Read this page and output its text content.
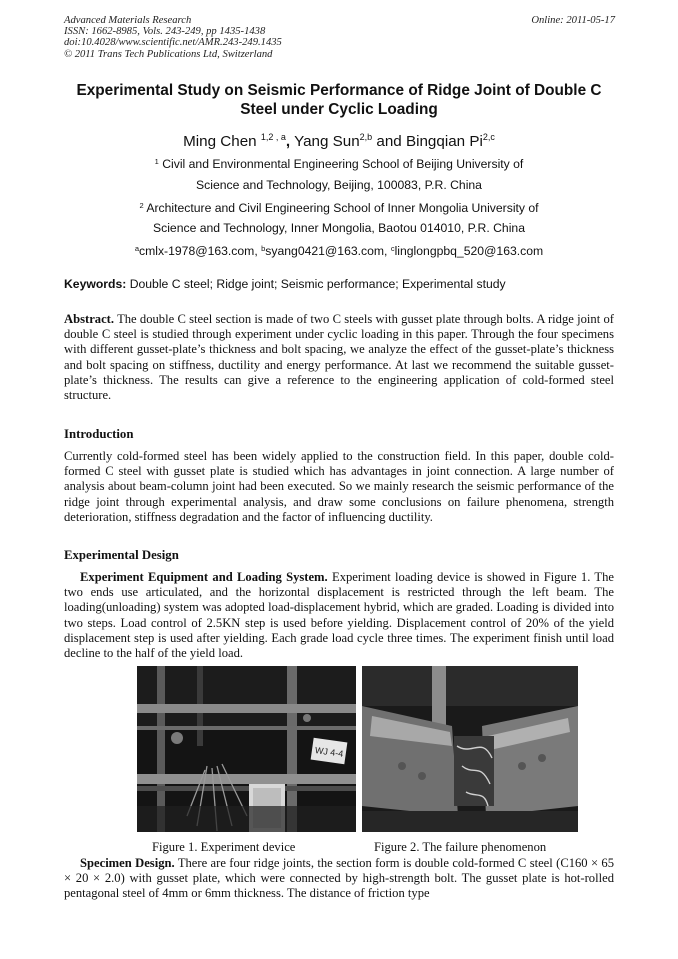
Advanced Materials Research
ISSN: 1662-8985, Vols. 243-249, pp 1435-1438
doi:10.4028/www.scientific.net/AMR.243-249.1435
© 2011 Trans Tech Publications Ltd, Switzerland
Online: 2011-05-17
Experimental Study on Seismic Performance of Ridge Joint of Double C
Steel under Cyclic Loading
Ming Chen $^{1,2 , a}$, Yang Sun$^{2,b}$ and Bingqian Pi$^{2,c}$
$^1$ Civil and Environmental Engineering School of Beijing University of
Science and Technology, Beijing, 100083, P.R. China
$^2$ Architecture and Civil Engineering School of Inner Mongolia University of
Science and Technology, Inner Mongolia, Baotou 014010, P.R. China
$^a$cmlx-1978@163.com, $^b$syang0421@163.com, $^c$linglongpbq_520@163.com
Keywords: Double C steel; Ridge joint; Seismic performance; Experimental study
Abstract. The double C steel section is made of two C steels with gusset plate through bolts. A ridge joint of double C steel is studied through experiment under cyclic loading in this paper. Through the four specimens with different gusset-plate’s thickness and bolt spacing, we analyze the effect of the gusset-plate’s thickness and bolt spacing on stiffness, ductility and energy performance. At last we recommend the suitable gusset-plate’s thickness. The results can give a reference to the engineering application of cold-formed steel structure.
Introduction
Currently cold-formed steel has been widely applied to the construction field. In this paper, double cold-formed C steel with gusset plate is studied which has advantages in joint connection. A large number of analysis about beam-column joint had been executed. So we mainly research the seismic performance of the ridge joint through experimental analysis, and draw some conclusions on failure phenomena, strength deterioration, stiffness degradation and the factor of influencing ductility.
Experimental Design
Experiment Equipment and Loading System. Experiment loading device is showed in Figure 1. The two ends use articulated, and the horizontal displacement is restricted through the left beam. The loading(unloading) system was adopted load-displacement hybrid, which are graded. Loading is divided into two steps. Load control of 2.5KN step is used before yielding. Displacement control of 20% of the yield displacement step is used after yielding. Each grade load cycle three times. The experiment finish until load decline to the half of the yield load.
WJ 4-4
Figure 1. Experiment device	Figure 2. The failure phenomenon
Specimen Design. There are four ridge joints, the section form is double cold-formed C steel (C160 × 65 × 20 × 2.0) with gusset plate, which were connected by high-strength bolt. The gusset plate is hot-rolled pentagonal steel of 4mm or 6mm thickness. The distance of friction type
